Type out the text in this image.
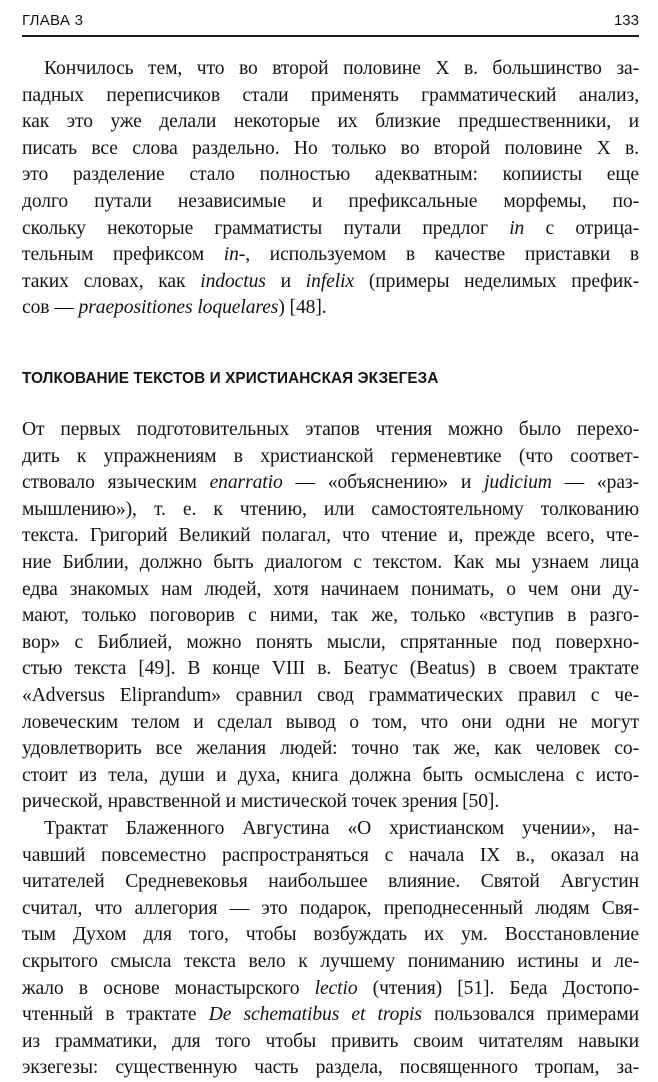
ГЛАВА 3	133
Кончилось тем, что во второй половине X в. большинство за-
падных переписчиков стали применять грамматический анализ,
как это уже делали некоторые их близкие предшественники, и
писать все слова раздельно. Но только во второй половине X в.
это разделение стало полностью адекватным: копиисты еще
долго путали независимые и префиксальные морфемы, по-
скольку некоторые грамматисты путали предлог in с отрица-
тельным префиксом in-, используемом в качестве приставки в
таких словах, как indoctus и infelix (примеры неделимых префик-
сов — praepositiones loquelares) [48].
ТОЛКОВАНИЕ ТЕКСТОВ И ХРИСТИАНСКАЯ ЭКЗЕГЕЗА
От первых подготовительных этапов чтения можно было перехо-
дить к упражнениям в христианской герменевтике (что соответ-
ствовало языческим enarratio — «объяснению» и judicium — «раз-
мышлению»), т. е. к чтению, или самостоятельному толкованию
текста. Григорий Великий полагал, что чтение и, прежде всего, чте-
ние Библии, должно быть диалогом с текстом. Как мы узнаем лица
едва знакомых нам людей, хотя начинаем понимать, о чем они ду-
мают, только поговорив с ними, так же, только «вступив в разго-
вор» с Библией, можно понять мысли, спрятанные под поверхно-
стью текста [49]. В конце VIII в. Беатус (Beatus) в своем трактате
«Adversus Eliprandum» сравнил свод грамматических правил с че-
ловеческим телом и сделал вывод о том, что они одни не могут
удовлетворить все желания людей: точно так же, как человек со-
стоит из тела, души и духа, книга должна быть осмыслена с исто-
рической, нравственной и мистической точек зрения [50].
Трактат Блаженного Августина «О христианском учении», на-
чавший повсеместно распространяться с начала IX в., оказал на
читателей Средневековья наибольшее влияние. Святой Августин
считал, что аллегория — это подарок, преподнесенный людям Свя-
тым Духом для того, чтобы возбуждать их ум. Восстановление
скрытого смысла текста вело к лучшему пониманию истины и ле-
жало в основе монастырского lectio (чтения) [51]. Беда Достопо-
чтенный в трактате De schematibus et tropis пользовался примерами
из грамматики, для того чтобы привить своим читателям навыки
экзегезы: существенную часть раздела, посвященного тропам, за-
